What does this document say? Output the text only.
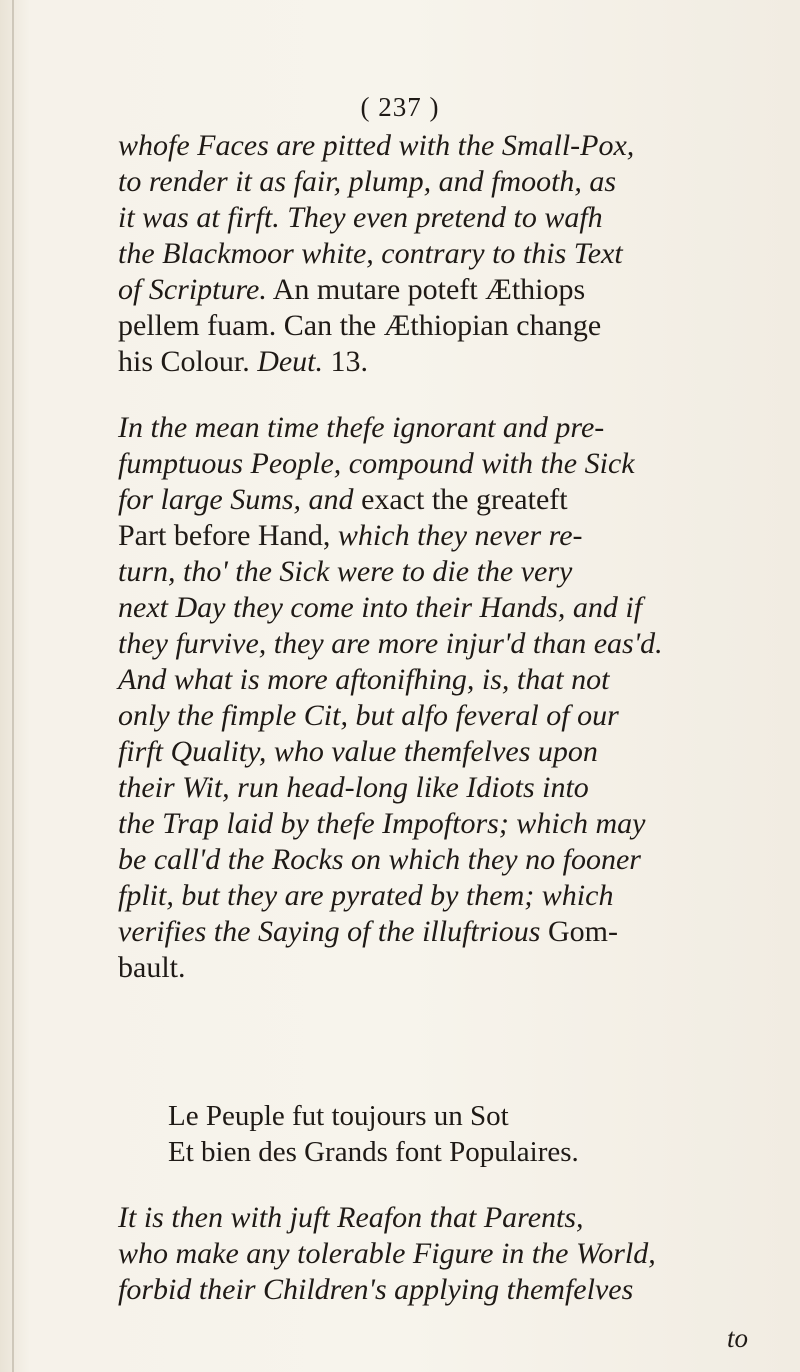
( 237 )
whofe Faces are pitted with the Small-Pox,
to render it as fair, plump, and fmooth, as
it was at firft. They even pretend to wafh
the Blackmoor white, contrary to this Text
of Scripture. An mutare poteft Æthiops
pellem fuam. Can the Æthiopian change
his Colour. Deut. 13.
In the mean time thefe ignorant and pre-
fumptuous People, compound with the Sick
for large Sums, and exact the greateft
Part before Hand, which they never re-
turn, tho' the Sick were to die the very
next Day they come into their Hands, and if
they furvive, they are more injur'd than eas'd.
And what is more aftonifhing, is, that not
only the fimple Cit, but alfo feveral of our
firft Quality, who value themfelves upon
their Wit, run head-long like Idiots into
the Trap laid by thefe Impoftors; which may
be call'd the Rocks on which they no fooner
fplit, but they are pyrated by them; which
verifies the Saying of the illuftrious Gom-
bault.
Le Peuple fut toujours un Sot
Et bien des Grands font Populaires.
It is then with juft Reafon that Parents,
who make any tolerable Figure in the World,
forbid their Children's applying themfelves
to
